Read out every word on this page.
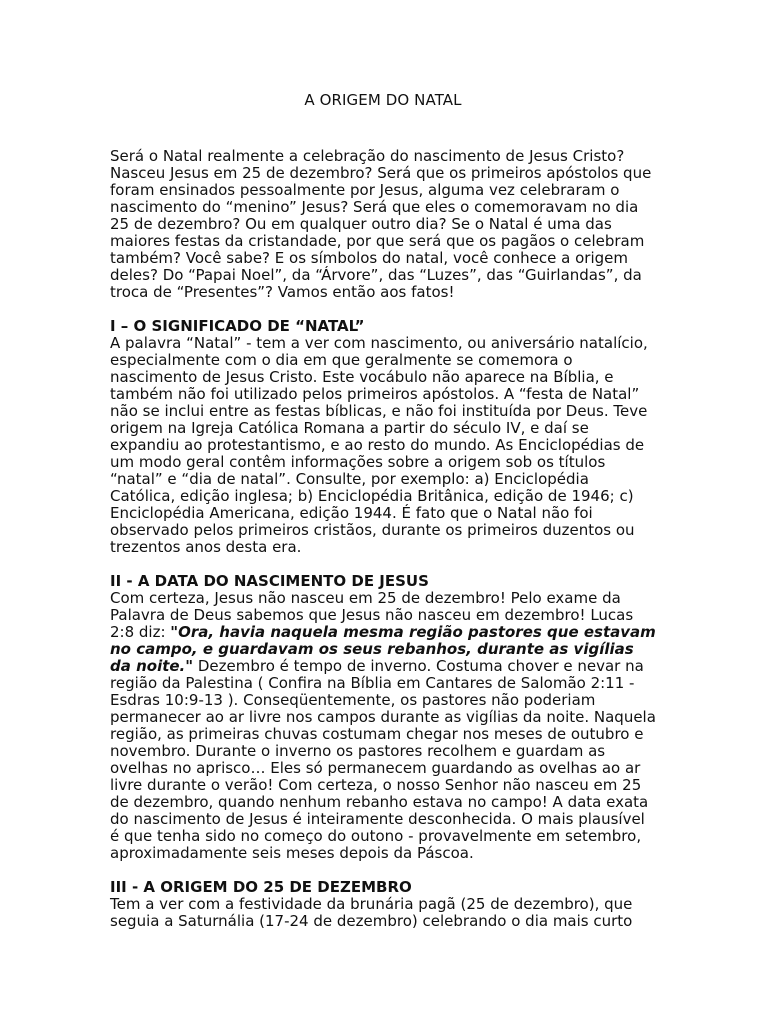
A ORIGEM DO NATAL

Será o Natal realmente a celebração do nascimento de Jesus Cristo? Nasceu Jesus em 25 de dezembro? Será que os primeiros apóstolos que foram ensinados pessoalmente por Jesus, alguma vez celebraram o nascimento do “menino” Jesus? Será que eles o comemoravam no dia 25 de dezembro? Ou em qualquer outro dia? Se o Natal é uma das maiores festas da cristandade, por que será que os pagãos o celebram também? Você sabe? E os símbolos do natal, você conhece a origem deles? Do “Papai Noel”, da “Árvore”, das “Luzes”, das “Guirlandas”, da troca de “Presentes”? Vamos então aos fatos!

I – O SIGNIFICADO DE “NATAL”

A palavra “Natal” - tem a ver com nascimento, ou aniversário natalício, especialmente com o dia em que geralmente se comemora o nascimento de Jesus Cristo. Este vocábulo não aparece na Bíblia, e também não foi utilizado pelos primeiros apóstolos. A “festa de Natal” não se inclui entre as festas bíblicas, e não foi instituída por Deus. Teve origem na Igreja Católica Romana a partir do século IV, e daí se expandiu ao protestantismo, e ao resto do mundo. As Enciclopédias de um modo geral contêm informações sobre a origem sob os títulos “natal” e “dia de natal”. Consulte, por exemplo: a) Enciclopédia Católica, edição inglesa; b) Enciclopédia Britânica, edição de 1946; c) Enciclopédia Americana, edição 1944. É fato que o Natal não foi observado pelos primeiros cristãos, durante os primeiros duzentos ou trezentos anos desta era.

II - A DATA DO NASCIMENTO DE JESUS

Com certeza, Jesus não nasceu em 25 de dezembro! Pelo exame da Palavra de Deus sabemos que Jesus não nasceu em dezembro! Lucas 2:8 diz: "Ora, havia naquela mesma região pastores que estavam no campo, e guardavam os seus rebanhos, durante as vigílias da noite." Dezembro é tempo de inverno. Costuma chover e nevar na região da Palestina ( Confira na Bíblia em Cantares de Salomão 2:11 - Esdras 10:9-13 ). Conseqüentemente, os pastores não poderiam permanecer ao ar livre nos campos durante as vigílias da noite. Naquela região, as primeiras chuvas costumam chegar nos meses de outubro e novembro. Durante o inverno os pastores recolhem e guardam as ovelhas no aprisco… Eles só permanecem guardando as ovelhas ao ar livre durante o verão! Com certeza, o nosso Senhor não nasceu em 25 de dezembro, quando nenhum rebanho estava no campo! A data exata do nascimento de Jesus é inteiramente desconhecida. O mais plausível é que tenha sido no começo do outono - provavelmente em setembro, aproximadamente seis meses depois da Páscoa.

III - A ORIGEM DO 25 DE DEZEMBRO

Tem a ver com a festividade da brunária pagã (25 de dezembro), que seguia a Saturnália (17-24 de dezembro) celebrando o dia mais curto
